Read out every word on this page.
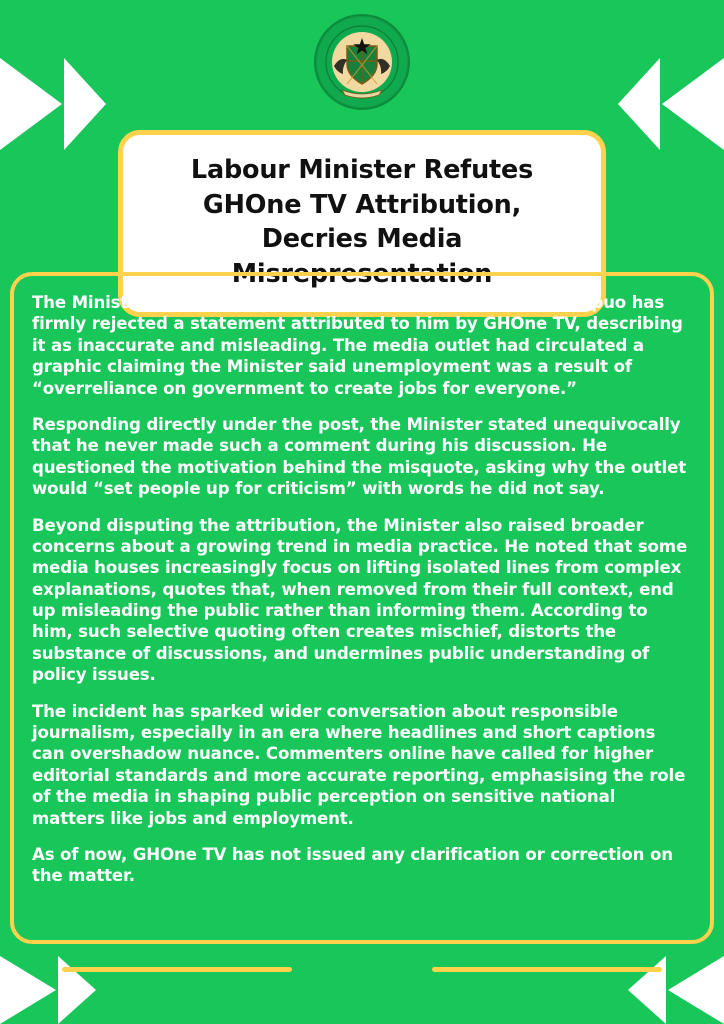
Labour Minister Refutes GHOne TV Attribution, Decries Media Misrepresentation

The Minister for Labour, Jobs and Employment Dr. Rashid Pelpuo has firmly rejected a statement attributed to him by GHOne TV, describing it as inaccurate and misleading. The media outlet had circulated a graphic claiming the Minister said unemployment was a result of “overreliance on government to create jobs for everyone.”

Responding directly under the post, the Minister stated unequivocally that he never made such a comment during his discussion. He questioned the motivation behind the misquote, asking why the outlet would “set people up for criticism” with words he did not say.

Beyond disputing the attribution, the Minister also raised broader concerns about a growing trend in media practice. He noted that some media houses increasingly focus on lifting isolated lines from complex explanations, quotes that, when removed from their full context, end up misleading the public rather than informing them. According to him, such selective quoting often creates mischief, distorts the substance of discussions, and undermines public understanding of policy issues.

The incident has sparked wider conversation about responsible journalism, especially in an era where headlines and short captions can overshadow nuance. Commenters online have called for higher editorial standards and more accurate reporting, emphasising the role of the media in shaping public perception on sensitive national matters like jobs and employment.

As of now, GHOne TV has not issued any clarification or correction on the matter.
